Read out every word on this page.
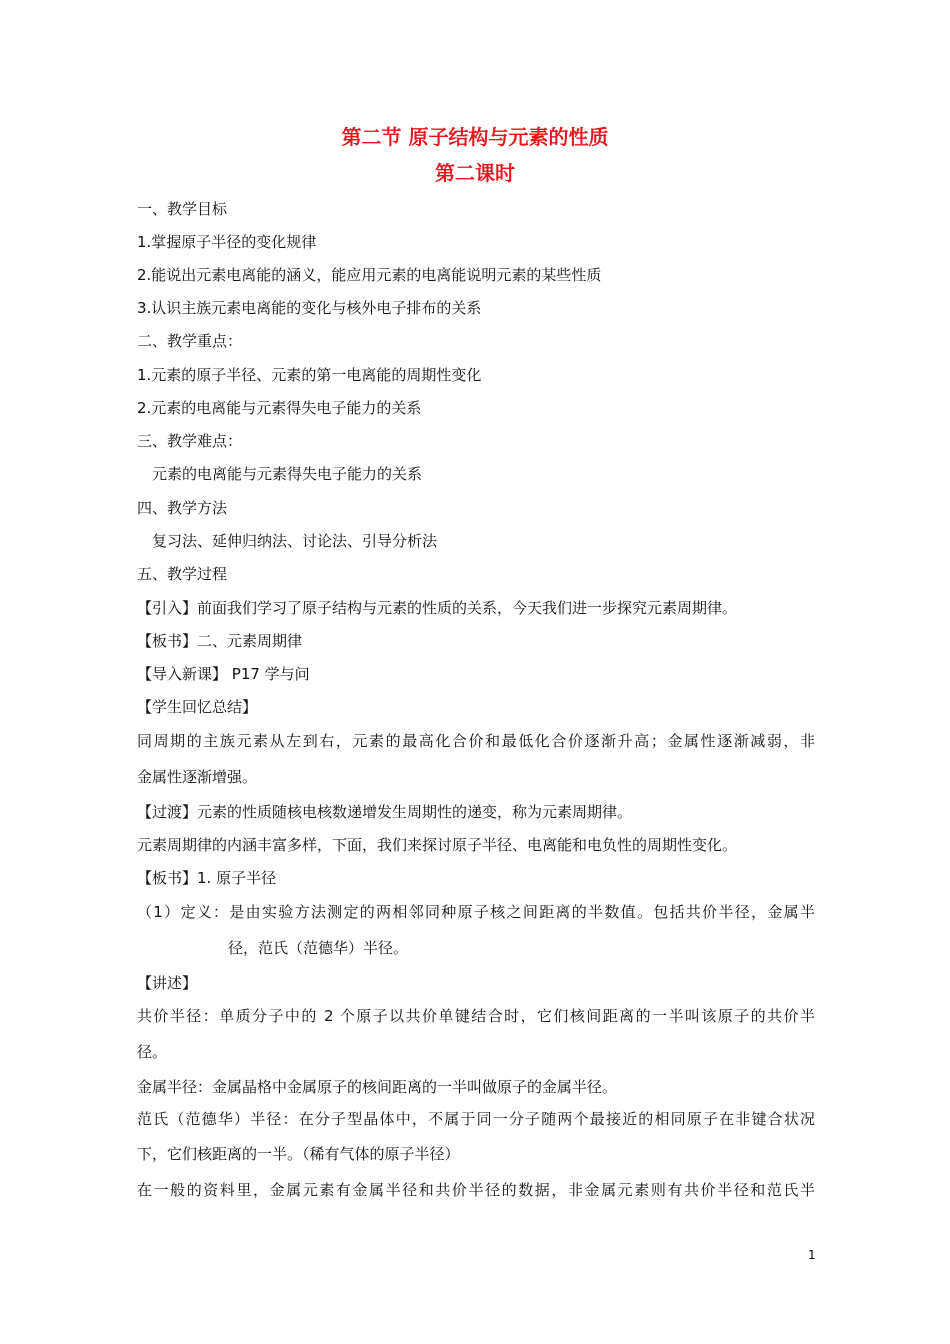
第二节 原子结构与元素的性质
第二课时
一、教学目标
1.掌握原子半径的变化规律
2.能说出元素电离能的涵义，能应用元素的电离能说明元素的某些性质
3.认识主族元素电离能的变化与核外电子排布的关系
二、教学重点：
1.元素的原子半径、元素的第一电离能的周期性变化
2.元素的电离能与元素得失电子能力的关系
三、教学难点：
元素的电离能与元素得失电子能力的关系
四、教学方法
复习法、延伸归纳法、讨论法、引导分析法
五、教学过程
【引入】前面我们学习了原子结构与元素的性质的关系，今天我们进一步探究元素周期律。
【板书】二、元素周期律
【导入新课】 P17 学与问
【学生回忆总结】
同周期的主族元素从左到右，元素的最高化合价和最低化合价逐渐升高；金属性逐渐减弱，非
金属性逐渐增强。
【过渡】元素的性质随核电核数递增发生周期性的递变，称为元素周期律。
元素周期律的内涵丰富多样，下面，我们来探讨原子半径、电离能和电负性的周期性变化。
【板书】1. 原子半径
（1）定义：是由实验方法测定的两相邻同种原子核之间距离的半数值。包括共价半径，金属半
径，范氏（范德华）半径。
【讲述】
共价半径：单质分子中的 2 个原子以共价单键结合时，它们核间距离的一半叫该原子的共价半
径。
金属半径：金属晶格中金属原子的核间距离的一半叫做原子的金属半径。
范氏（范德华）半径：在分子型晶体中，不属于同一分子随两个最接近的相同原子在非键合状况
下，它们核距离的一半。（稀有气体的原子半径）
在一般的资料里，金属元素有金属半径和共价半径的数据，非金属元素则有共价半径和范氏半
1
